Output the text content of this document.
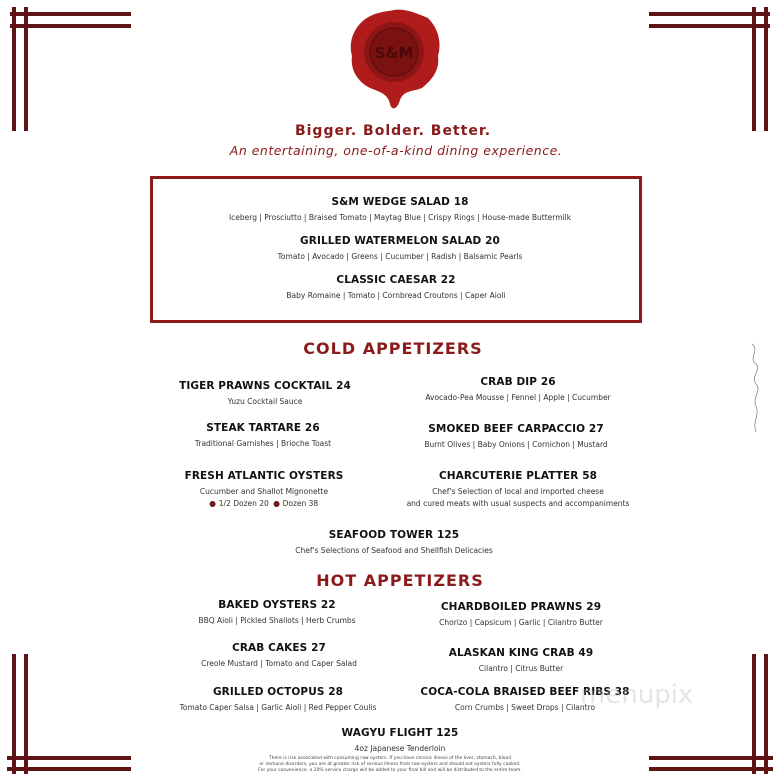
S&M
Bigger. Bolder. Better.
An entertaining, one-of-a-kind dining experience.
S&M WEDGE SALAD 18
Iceberg | Prosciutto | Braised Tomato | Maytag Blue | Crispy Rings | House-made Buttermilk
GRILLED WATERMELON SALAD 20
Tomato | Avocado | Greens | Cucumber | Radish | Balsamic Pearls
CLASSIC CAESAR 22
Baby Romaine | Tomato | Cornbread Croutons | Caper Aioli
COLD APPETIZERS
TIGER PRAWNS COCKTAIL 24
Yuzu Cocktail Sauce
CRAB DIP 26
Avocado-Pea Mousse | Fennel | Apple | Cucumber
STEAK TARTARE 26
Traditional Garnishes | Brioche Toast
SMOKED BEEF CARPACCIO 27
Burnt Olives | Baby Onions | Cornichon | Mustard
FRESH ATLANTIC OYSTERS
Cucumber and Shallot Mignonette
1/2 Dozen 20 Dozen 38
CHARCUTERIE PLATTER 58
Chef's Selection of local and imported cheese
and cured meats with usual suspects and accompaniments
SEAFOOD TOWER 125
Chef's Selections of Seafood and Shellfish Delicacies
HOT APPETIZERS
BAKED OYSTERS 22
BBQ Aioli | Pickled Shallots | Herb Crumbs
CHARDBOILED PRAWNS 29
Chorizo | Capsicum | Garlic | Cilantro Butter
CRAB CAKES 27
Creole Mustard | Tomato and Caper Salad
ALASKAN KING CRAB 49
Cilantro | Citrus Butter
GRILLED OCTOPUS 28
Tomato Caper Salsa | Garlic Aioli | Red Pepper Coulis
COCA-COLA BRAISED BEEF RIBS 38
Corn Crumbs | Sweet Drops | Cilantro
WAGYU FLIGHT 125
4oz Japanese Tenderloin
There is risk associated with consuming raw oysters. If you have chronic illness of the liver, stomach, blood
or immune disorders, you are at greater risk of serious illness from raw oysters and should eat oysters fully cooked.
For your convenience, a 20% service charge will be added to your final bill and will be distributed to the entire team.
menupix
